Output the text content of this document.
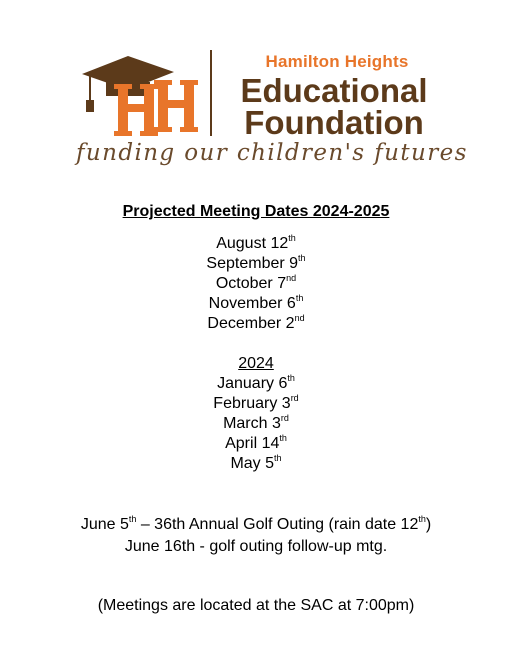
Hamilton Heights
Educational
Foundation
funding our children's futures
Projected Meeting Dates 2024-2025
August 12th
September 9th
October 7nd
November 6th
December 2nd
2024
January 6th
February 3rd
March 3rd
April 14th
May 5th
June 5th – 36th Annual Golf Outing (rain date 12th)
June 16th - golf outing follow-up mtg.
(Meetings are located at the SAC at 7:00pm)
